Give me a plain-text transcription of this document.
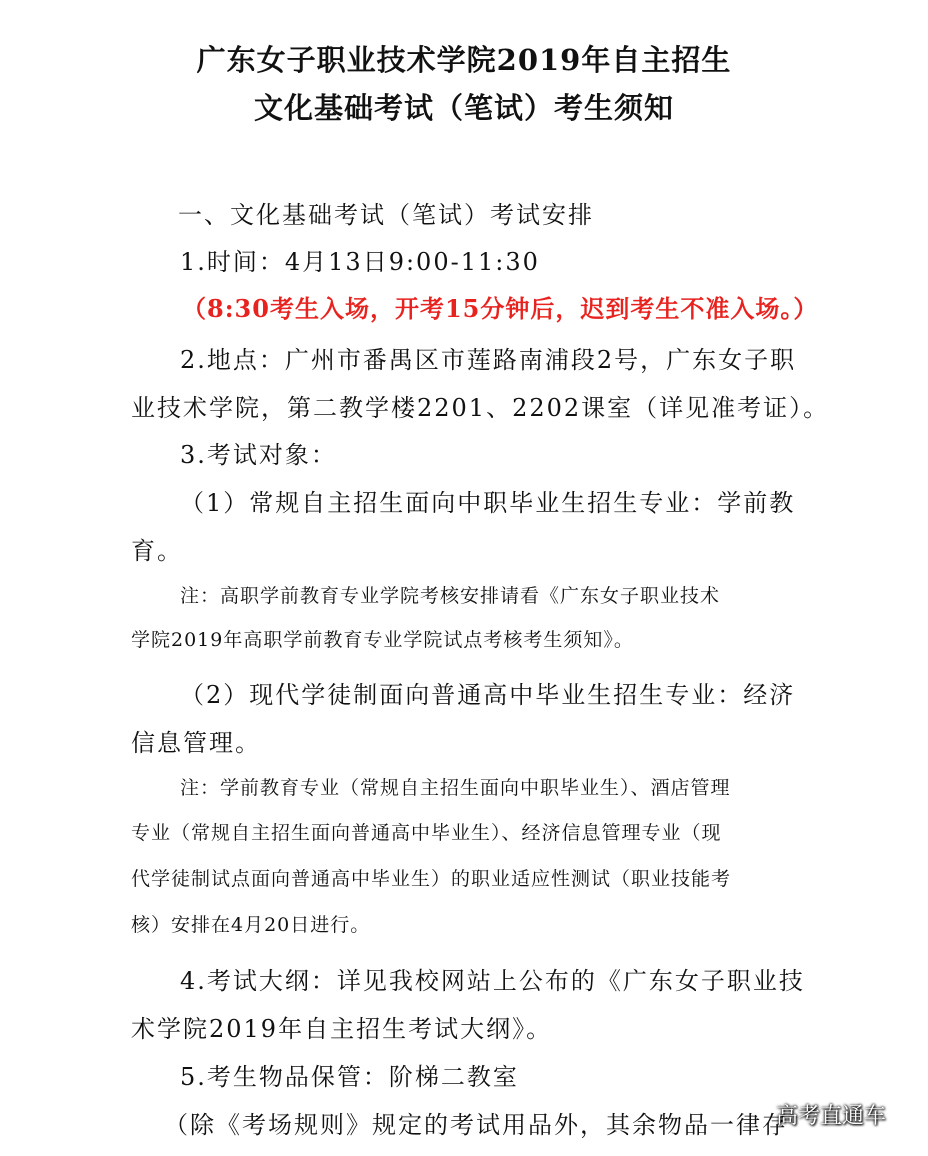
广东女子职业技术学院2019年自主招生
文化基础考试（笔试）考生须知
一、文化基础考试（笔试）考试安排
1.时间：4月13日9:00-11:30
（8:30考生入场，开考15分钟后，迟到考生不准入场。）
2.地点：广州市番禺区市莲路南浦段2号，广东女子职
业技术学院，第二教学楼2201、2202课室（详见准考证）。
3.考试对象：
（1）常规自主招生面向中职毕业生招生专业：学前教
育。
注：高职学前教育专业学院考核安排请看《广东女子职业技术
学院2019年高职学前教育专业学院试点考核考生须知》。
（2）现代学徒制面向普通高中毕业生招生专业：经济
信息管理。
注：学前教育专业（常规自主招生面向中职毕业生）、酒店管理
专业（常规自主招生面向普通高中毕业生）、经济信息管理专业（现
代学徒制试点面向普通高中毕业生）的职业适应性测试（职业技能考
核）安排在4月20日进行。
4.考试大纲：详见我校网站上公布的《广东女子职业技
术学院2019年自主招生考试大纲》。
5.考生物品保管：阶梯二教室
（除《考场规则》规定的考试用品外，其余物品一律存
高考直通车
